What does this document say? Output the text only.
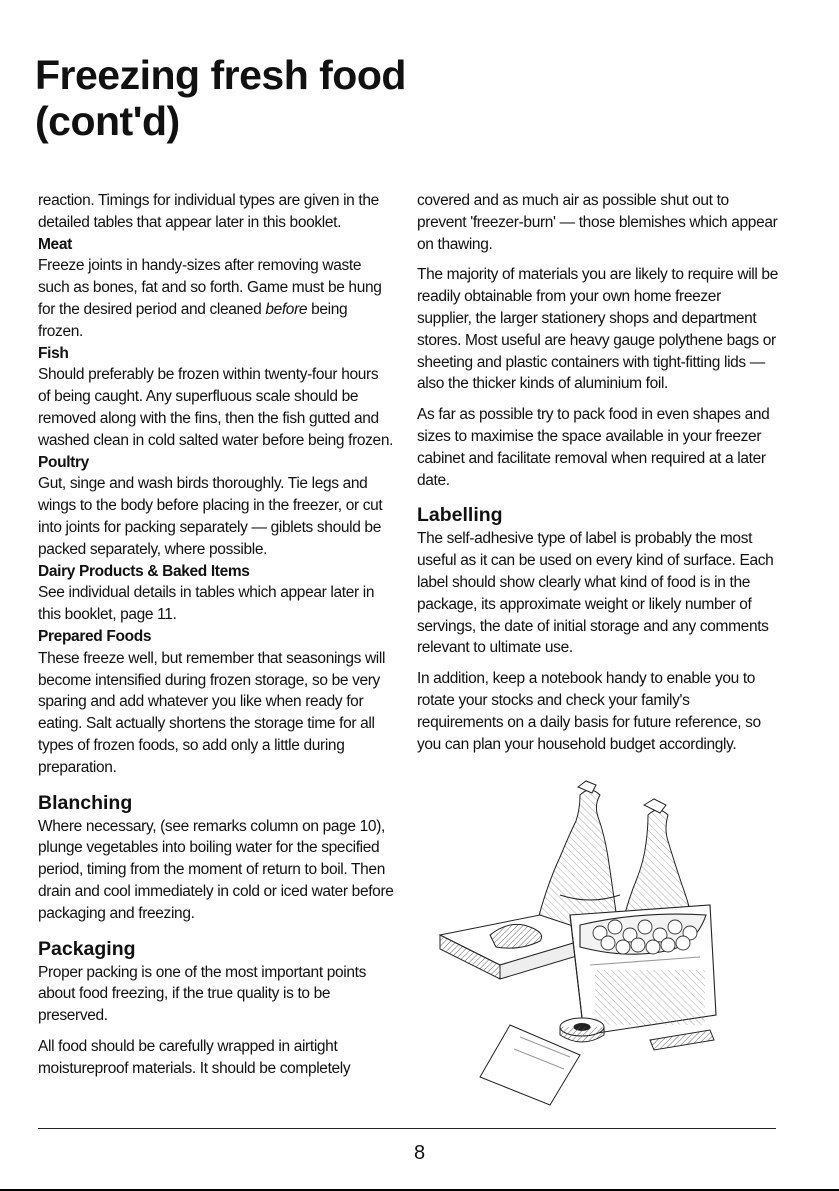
Freezing fresh food
(cont'd)

reaction. Timings for individual types are given in the detailed tables that appear later in this booklet.

Meat

Freeze joints in handy-sizes after removing waste such as bones, fat and so forth. Game must be hung for the desired period and cleaned before being frozen.

Fish

Should preferably be frozen within twenty-four hours of being caught. Any superfluous scale should be removed along with the fins, then the fish gutted and washed clean in cold salted water before being frozen.

Poultry

Gut, singe and wash birds thoroughly. Tie legs and wings to the body before placing in the freezer, or cut into joints for packing separately — giblets should be packed separately, where possible.

Dairy Products & Baked Items

See individual details in tables which appear later in this booklet, page 11.

Prepared Foods

These freeze well, but remember that seasonings will become intensified during frozen storage, so be very sparing and add whatever you like when ready for eating. Salt actually shortens the storage time for all types of frozen foods, so add only a little during preparation.

Blanching

Where necessary, (see remarks column on page 10), plunge vegetables into boiling water for the specified period, timing from the moment of return to boil. Then drain and cool immediately in cold or iced water before packaging and freezing.

Packaging

Proper packing is one of the most important points about food freezing, if the true quality is to be preserved.

All food should be carefully wrapped in airtight moistureproof materials. It should be completely

covered and as much air as possible shut out to prevent 'freezer-burn' — those blemishes which appear on thawing.

The majority of materials you are likely to require will be readily obtainable from your own home freezer supplier, the larger stationery shops and department stores. Most useful are heavy gauge polythene bags or sheeting and plastic containers with tight-fitting lids — also the thicker kinds of aluminium foil.

As far as possible try to pack food in even shapes and sizes to maximise the space available in your freezer cabinet and facilitate removal when required at a later date.

Labelling

The self-adhesive type of label is probably the most useful as it can be used on every kind of surface. Each label should show clearly what kind of food is in the package, its approximate weight or likely number of servings, the date of initial storage and any comments relevant to ultimate use.

In addition, keep a notebook handy to enable you to rotate your stocks and check your family's requirements on a daily basis for future reference, so you can plan your household budget accordingly.

8
